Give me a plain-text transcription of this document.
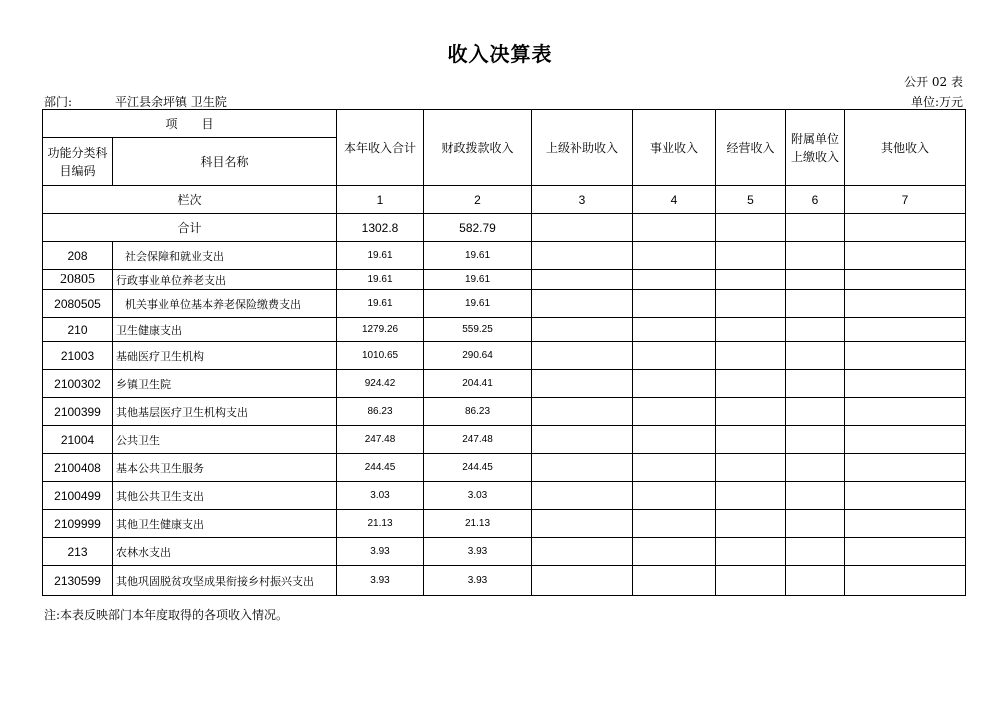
收入决算表
公开 02 表
部门:	平江县余坪镇 卫生院	单位:万元
项　　目		本年收入合计	财政拨款收入	上级补助收入	事业收入	经营收入	附属单位上缴收入	其他收入
功能分类科目编码	科目名称							
栏次		1	2	3	4	5	6	7
合计		1302.8	582.79					
208	社会保障和就业支出	19.61	19.61					
20805	行政事业单位养老支出	19.61	19.61					
2080505	机关事业单位基本养老保险缴费支出	19.61	19.61					
210	卫生健康支出	1279.26	559.25					
21003	基础医疗卫生机构	1010.65	290.64					
2100302	乡镇卫生院	924.42	204.41					
2100399	其他基层医疗卫生机构支出	86.23	86.23					
21004	公共卫生	247.48	247.48					
2100408	基本公共卫生服务	244.45	244.45					
2100499	其他公共卫生支出	3.03	3.03					
2109999	其他卫生健康支出	21.13	21.13					
213	农林水支出	3.93	3.93					
2130599	其他巩固脱贫攻坚成果衔接乡村振兴支出	3.93	3.93					
注:本表反映部门本年度取得的各项收入情况。
